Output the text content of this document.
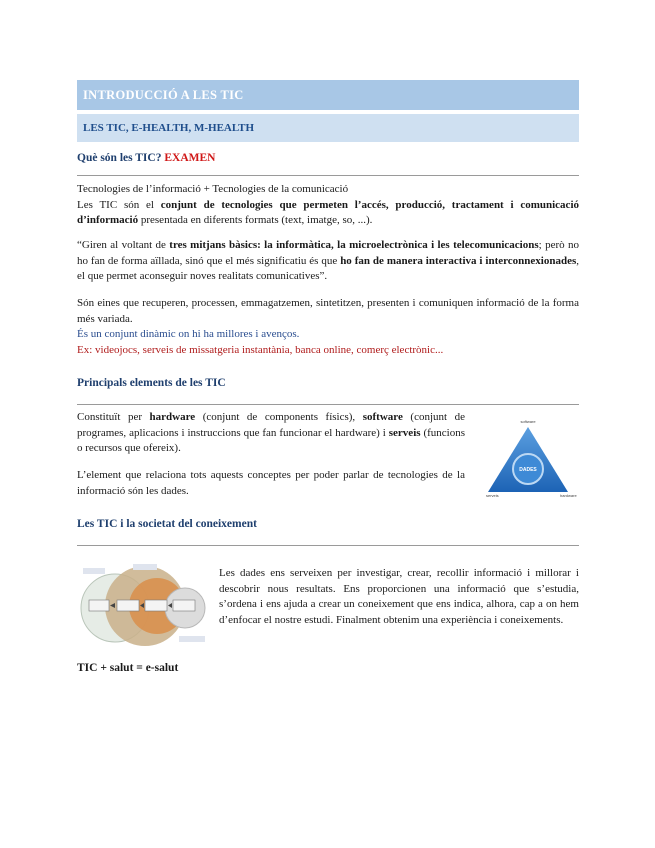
INTRODUCCIÓ A LES TIC
LES TIC, E-HEALTH, M-HEALTH
Què són les TIC? EXAMEN
Tecnologies de l’informació + Tecnologies de la comunicació
Les TIC són el conjunt de tecnologies que permeten l’accés, producció, tractament i comunicació d’informació presentada en diferents formats (text, imatge, so, ...).
“Giren al voltant de tres mitjans bàsics: la informàtica, la microelectrònica i les telecomunicacions; però no ho fan de forma aïllada, sinó que el més significatiu és que ho fan de manera interactiva i interconnexionades, el que permet aconseguir noves realitats comunicatives”.
Són eines que recuperen, processen, emmagatzemen, sintetitzen, presenten i comuniquen informació de la forma més variada.
És un conjunt dinàmic on hi ha millores i avenços.
Ex: videojocs, serveis de missatgeria instantània, banca online, comerç electrònic...
Principals elements de les TIC
Constituït per hardware (conjunt de components físics), software (conjunt de programes, aplicacions i instruccions que fan funcionar el hardware) i serveis (funcions o recursos que ofereix).
L’element que relaciona tots aquests conceptes per poder parlar de tecnologies de la informació són les dades.
software
DADES
serveis	hardware
Les TIC i la societat del coneixement
Les dades ens serveixen per investigar, crear, recollir informació i millorar i descobrir nous resultats. Ens proporcionen una informació que s’estudia, s’ordena i ens ajuda a crear un coneixement que ens indica, alhora, cap a on hem d’enfocar el nostre estudi. Finalment obtenim una experiència i coneixements.
TIC + salut = e-salut
